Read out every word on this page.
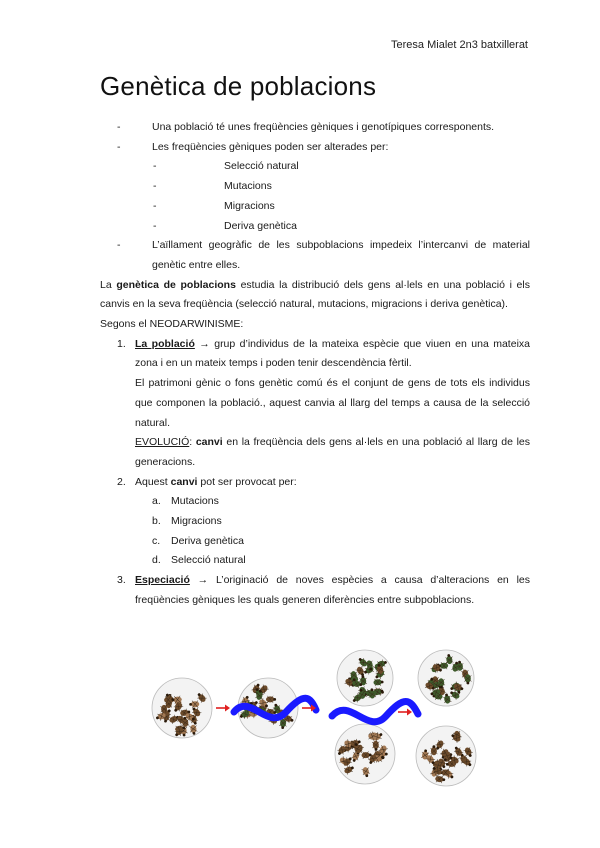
Teresa Mialet 2n3 batxillerat
Genètica de poblacions
-	Una població té unes freqüències gèniques i genotípiques corresponents.
-	Les freqüències gèniques poden ser alterades per:
-	Selecció natural
-	Mutacions
-	Migracions
-	Deriva genètica
-	L’aïllament geogràfic de les subpoblacions impedeix l’intercanvi de material genètic entre elles.
La genètica de poblacions estudia la distribució dels gens al·lels en una població i els canvis en la seva freqüència (selecció natural, mutacions, migracions i deriva genètica).
Segons el NEODARWINISME:
1. La població → grup d’individus de la mateixa espècie que viuen en una mateixa zona i en un mateix temps i poden tenir descendència fèrtil.
El patrimoni gènic o fons genètic comú és el conjunt de gens de tots els individus que componen la població., aquest canvia al llarg del temps a causa de la selecció natural.
EVOLUCIÓ: canvi en la freqüència dels gens al·lels en una població al llarg de les generacions.
2. Aquest canvi pot ser provocat per:
a. Mutacions
b. Migracions
c.	Deriva genètica
d. Selecció natural
3. Especiació → L’originació de noves espècies a causa d’alteracions en les freqüències gèniques les quals generen diferències entre subpoblacions.
